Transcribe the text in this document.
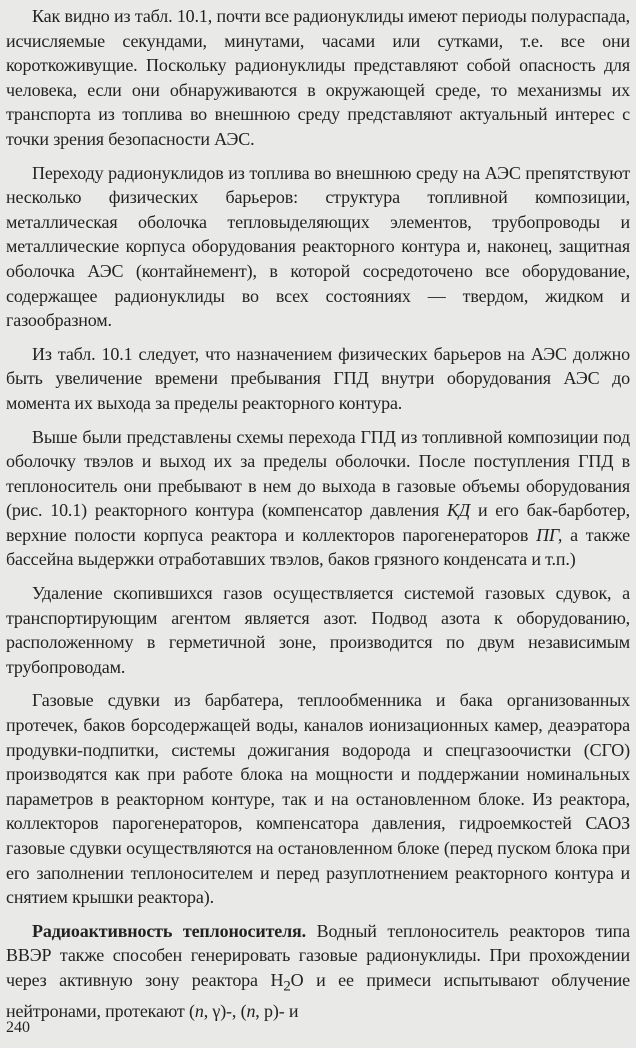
Как видно из табл. 10.1, почти все радионуклиды имеют периоды полураспада, исчисляемые секундами, минутами, часами или сутками, т.е. все они короткоживущие. Поскольку радионуклиды представляют собой опасность для человека, если они обнаруживаются в окружающей среде, то механизмы их транспорта из топлива во внешнюю среду представляют актуальный интерес с точки зрения безопасности АЭС.

Переходу радионуклидов из топлива во внешнюю среду на АЭС препятствуют несколько физических барьеров: структура топливной композиции, металлическая оболочка тепловыделяющих элементов, трубопроводы и металлические корпуса оборудования реакторного контура и, наконец, защитная оболочка АЭС (контайнемент), в которой сосредоточено все оборудование, содержащее радионуклиды во всех состояниях — твердом, жидком и газообразном.

Из табл. 10.1 следует, что назначением физических барьеров на АЭС должно быть увеличение времени пребывания ГПД внутри оборудования АЭС до момента их выхода за пределы реакторного контура.

Выше были представлены схемы перехода ГПД из топливной композиции под оболочку твэлов и выход их за пределы оболочки. После поступления ГПД в теплоноситель они пребывают в нем до выхода в газовые объемы оборудования (рис. 10.1) реакторного контура (компенсатор давления КД и его бак-барботер, верхние полости корпуса реактора и коллекторов парогенераторов ПГ, а также бассейна выдержки отработавших твэлов, баков грязного конденсата и т.п.)

Удаление скопившихся газов осуществляется системой газовых сдувок, а транспортирующим агентом является азот. Подвод азота к оборудованию, расположенному в герметичной зоне, производится по двум независимым трубопроводам.

Газовые сдувки из барбатера, теплообменника и бака организованных протечек, баков борсодержащей воды, каналов ионизационных камер, деаэратора продувки-подпитки, системы дожигания водорода и спецгазоочистки (СГО) производятся как при работе блока на мощности и поддержании номинальных параметров в реакторном контуре, так и на остановленном блоке. Из реактора, коллекторов парогенераторов, компенсатора давления, гидроемкостей САОЗ газовые сдувки осуществляются на остановленном блоке (перед пуском блока при его заполнении теплоносителем и перед разуплотнением реакторного контура и снятием крышки реактора).

Радиоактивность теплоносителя. Водный теплоноситель реакторов типа ВВЭР также способен генерировать газовые радионуклиды. При прохождении через активную зону реактора $H_2O$ и ее примеси испытывают облучение нейтронами, протекают (n, γ)-, (n, р)- и

240
